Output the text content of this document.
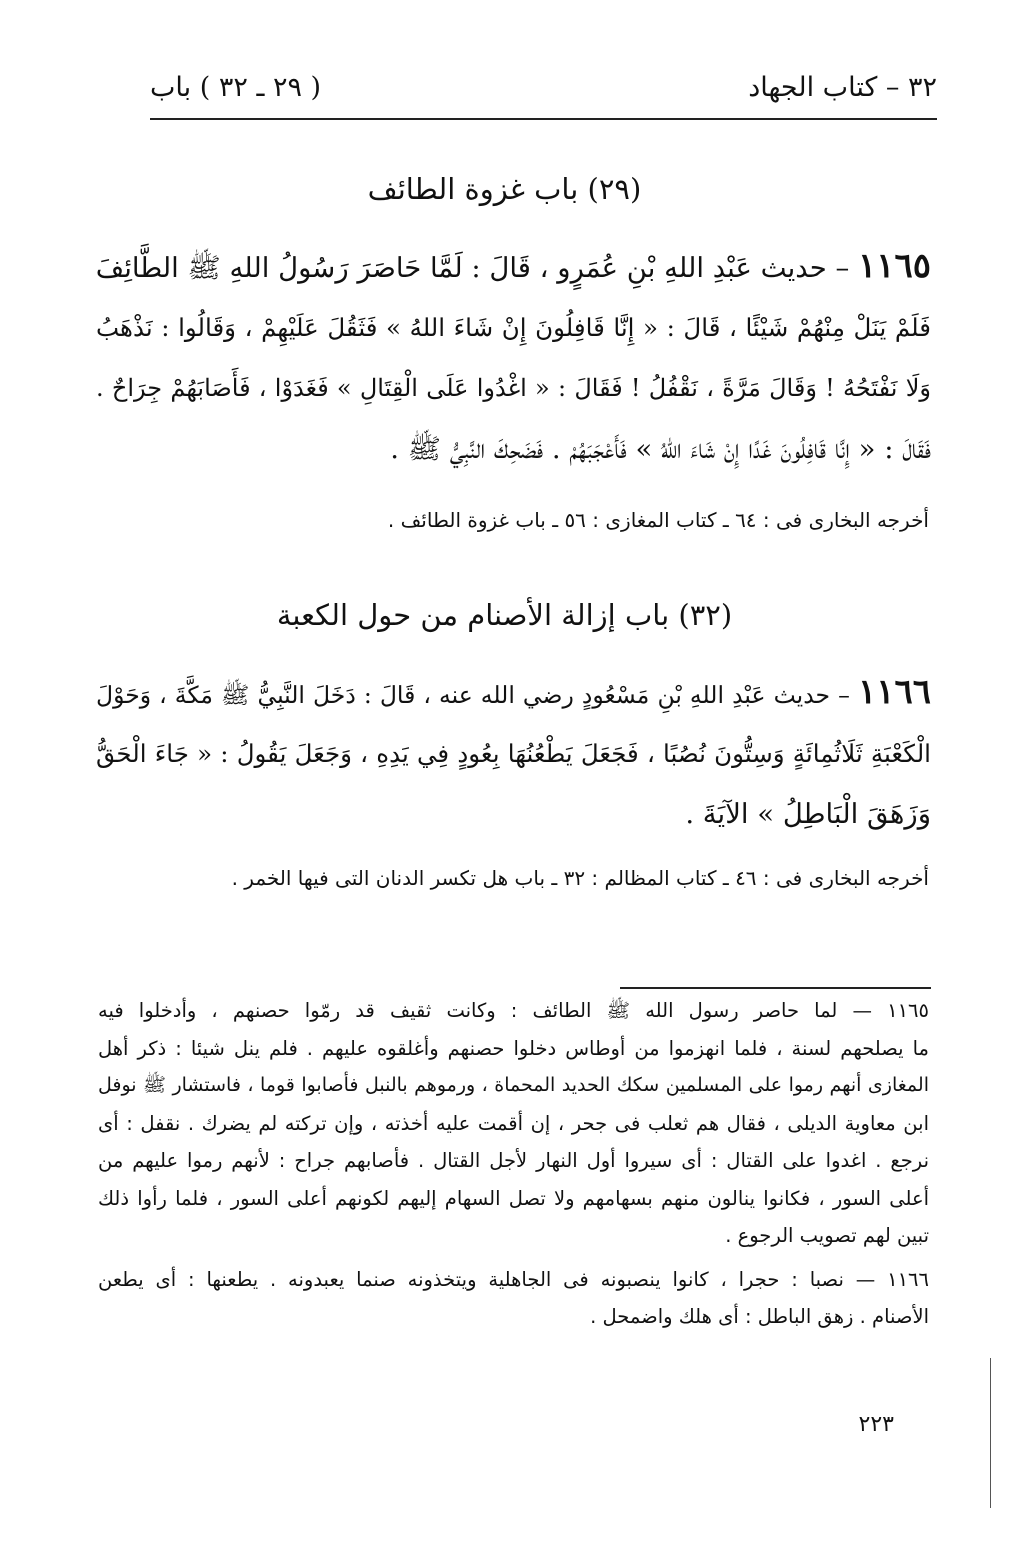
٣٢ – كتاب الجهاد
( ٢٩ ـ ٣٢ ) باب
(٢٩) باب غزوة الطائف
١١٦٥ – حديث عَبْدِ اللهِ بْنِ عُمَرٍو ، قَالَ : لَمَّا حَاصَرَ رَسُولُ اللهِ ﷺ الطَّائِفَ
فَلَمْ يَنَلْ مِنْهُمْ شَيْئًا ، قَالَ : « إِنَّا قَافِلُونَ إِنْ شَاءَ اللهُ » فَثَقُلَ عَلَيْهِمْ ، وَقَالُوا : نَذْهَبُ
وَلَا نَفْتَحُهُ ! وَقَالَ مَرَّةً ، نَقْفُلُ ! فَقَالَ : « اغْدُوا عَلَى الْقِتَالِ » فَغَدَوْا ، فَأَصَابَهُمْ جِرَاحٌ .
فَقَالَ : « إِنَّا قَافِلُونَ غَدًا إِنْ شَاءَ اللهُ » فَأَعْجَبَهُمْ . فَضَحِكَ النَّبِيُّ ﷺ .
أخرجه البخارى فى : ٦٤ ـ كتاب المغازى : ٥٦ ـ باب غزوة الطائف .
(٣٢) باب إزالة الأصنام من حول الكعبة
١١٦٦ – حديث عَبْدِ اللهِ بْنِ مَسْعُودٍ رضي الله عنه ، قَالَ : دَخَلَ النَّبِيُّ ﷺ مَكَّةَ ، وَحَوْلَ
الْكَعْبَةِ ثَلَاثُمِائَةٍ وَسِتُّونَ نُصُبًا ، فَجَعَلَ يَطْعُنُهَا بِعُودٍ فِي يَدِهِ ، وَجَعَلَ يَقُولُ : « جَاءَ الْحَقُّ
وَزَهَقَ الْبَاطِلُ » الآيَةَ .
أخرجه البخارى فى : ٤٦ ـ كتاب المظالم : ٣٢ ـ باب هل تكسر الدنان التى فيها الخمر .
١١٦٥ — لما حاصر رسول الله ﷺ الطائف : وكانت ثقيف قد رمّوا حصنهم ، وأدخلوا فيه
ما يصلحهم لسنة ، فلما انهزموا من أوطاس دخلوا حصنهم وأغلقوه عليهم . فلم ينل شيئا : ذكر أهل
المغازى أنهم رموا على المسلمين سكك الحديد المحماة ، ورموهم بالنبل فأصابوا قوما ، فاستشار ﷺ نوفل
ابن معاوية الديلى ، فقال هم ثعلب فى جحر ، إن أقمت عليه أخذته ، وإن تركته لم يضرك . نقفل : أى
نرجع . اغدوا على القتال : أى سيروا أول النهار لأجل القتال . فأصابهم جراح : لأنهم رموا عليهم من
أعلى السور ، فكانوا ينالون منهم بسهامهم ولا تصل السهام إليهم لكونهم أعلى السور ، فلما رأوا ذلك
تبين لهم تصويب الرجوع .
١١٦٦ — نصبا : حجرا ، كانوا ينصبونه فى الجاهلية ويتخذونه صنما يعبدونه . يطعنها : أى يطعن
الأصنام . زهق الباطل : أى هلك واضمحل .
٢٢٣
